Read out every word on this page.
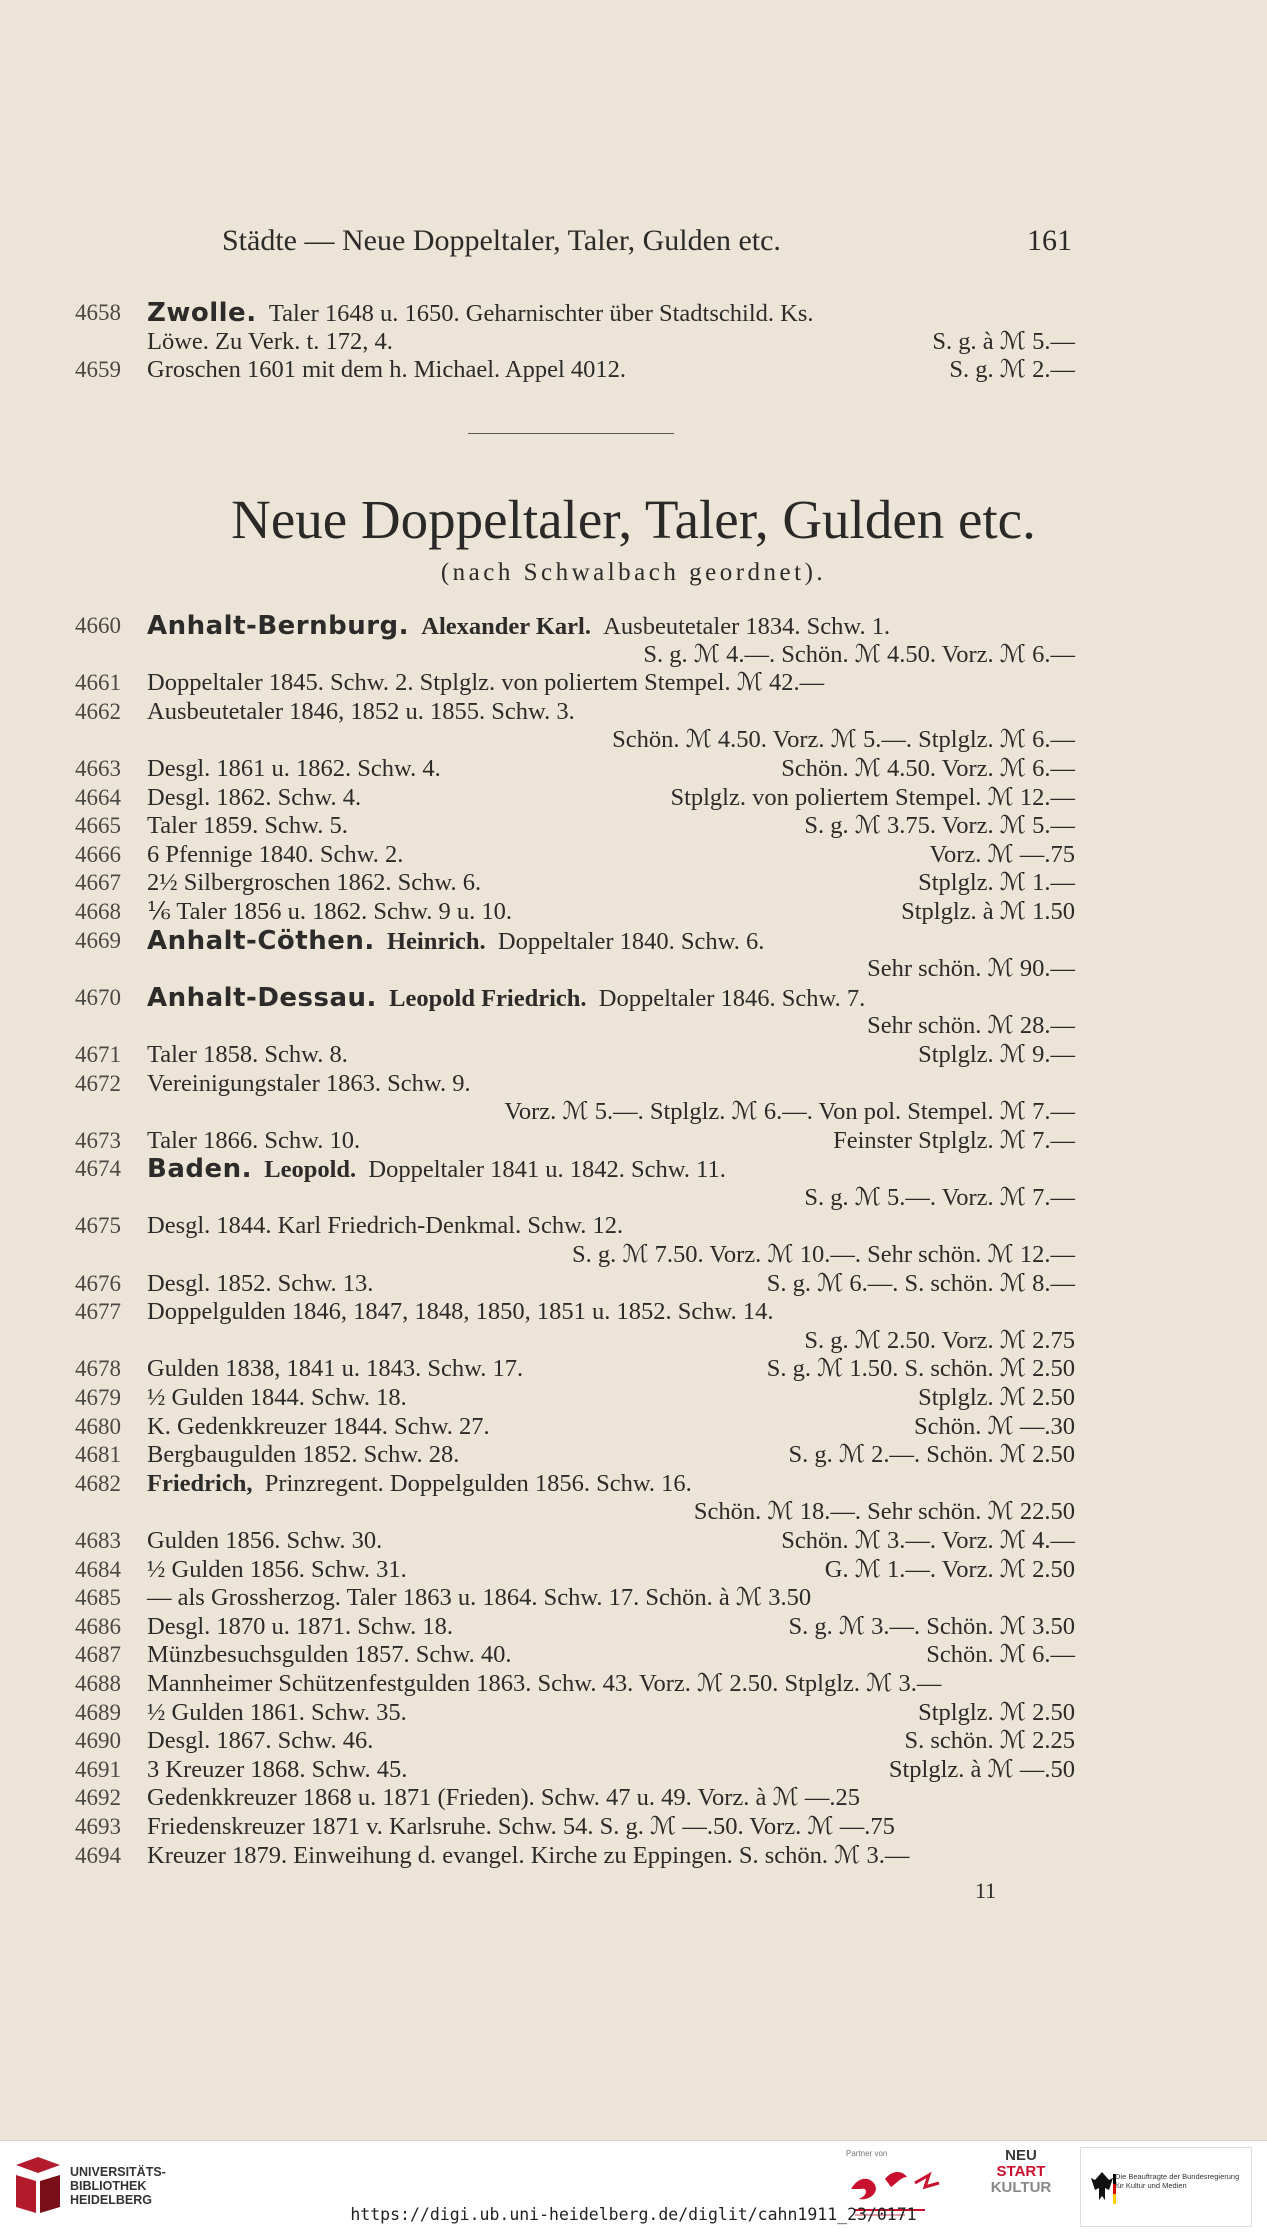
Städte — Neue Doppeltaler, Taler, Gulden etc.	161
4658	Zwolle. Taler 1648 u. 1650. Geharnischter über Stadtschild. Ks.
Löwe. Zu Verk. t. 172, 4.	S. g. à ℳ 5.—
4659	Groschen 1601 mit dem h. Michael. Appel 4012.	S. g. ℳ 2.—
Neue Doppeltaler, Taler, Gulden etc.
(nach Schwalbach geordnet).
4660	Anhalt-Bernburg. Alexander Karl. Ausbeutetaler 1834. Schw. 1.
S. g. ℳ 4.—. Schön. ℳ 4.50. Vorz. ℳ 6.—
4661	Doppeltaler 1845. Schw. 2. Stplglz. von poliertem Stempel. ℳ 42.—
4662	Ausbeutetaler 1846, 1852 u. 1855. Schw. 3.
Schön. ℳ 4.50. Vorz. ℳ 5.—. Stplglz. ℳ 6.—
4663	Desgl. 1861 u. 1862. Schw. 4.	Schön. ℳ 4.50. Vorz. ℳ 6.—
4664	Desgl. 1862. Schw. 4.	Stplglz. von poliertem Stempel. ℳ 12.—
4665	Taler 1859. Schw. 5.	S. g. ℳ 3.75. Vorz. ℳ 5.—
4666	6 Pfennige 1840. Schw. 2.	Vorz. ℳ —.75
4667	2½ Silbergroschen 1862. Schw. 6.	Stplglz. ℳ 1.—
4668	⅙ Taler 1856 u. 1862. Schw. 9 u. 10.	Stplglz. à ℳ 1.50
4669	Anhalt-Cöthen. Heinrich. Doppeltaler 1840. Schw. 6.
Sehr schön. ℳ 90.—
4670	Anhalt-Dessau. Leopold Friedrich. Doppeltaler 1846. Schw. 7.
Sehr schön. ℳ 28.—
4671	Taler 1858. Schw. 8.	Stplglz. ℳ 9.—
4672	Vereinigungstaler 1863. Schw. 9.
Vorz. ℳ 5.—. Stplglz. ℳ 6.—. Von pol. Stempel. ℳ 7.—
4673	Taler 1866. Schw. 10.	Feinster Stplglz. ℳ 7.—
4674	Baden. Leopold. Doppeltaler 1841 u. 1842. Schw. 11.
S. g. ℳ 5.—. Vorz. ℳ 7.—
4675	Desgl. 1844. Karl Friedrich-Denkmal. Schw. 12.
S. g. ℳ 7.50. Vorz. ℳ 10.—. Sehr schön. ℳ 12.—
4676	Desgl. 1852. Schw. 13.	S. g. ℳ 6.—. S. schön. ℳ 8.—
4677	Doppelgulden 1846, 1847, 1848, 1850, 1851 u. 1852. Schw. 14.
S. g. ℳ 2.50. Vorz. ℳ 2.75
4678	Gulden 1838, 1841 u. 1843. Schw. 17.	S. g. ℳ 1.50. S. schön. ℳ 2.50
4679	½ Gulden 1844. Schw. 18.	Stplglz. ℳ 2.50
4680	K. Gedenkkreuzer 1844. Schw. 27.	Schön. ℳ —.30
4681	Bergbaugulden 1852. Schw. 28.	S. g. ℳ 2.—. Schön. ℳ 2.50
4682	Friedrich, Prinzregent. Doppelgulden 1856. Schw. 16.
Schön. ℳ 18.—. Sehr schön. ℳ 22.50
4683	Gulden 1856. Schw. 30.	Schön. ℳ 3.—. Vorz. ℳ 4.—
4684	½ Gulden 1856. Schw. 31.	G. ℳ 1.—. Vorz. ℳ 2.50
4685	— als Grossherzog. Taler 1863 u. 1864. Schw. 17. Schön. à ℳ 3.50
4686	Desgl. 1870 u. 1871. Schw. 18.	S. g. ℳ 3.—. Schön. ℳ 3.50
4687	Münzbesuchsgulden 1857. Schw. 40.	Schön. ℳ 6.—
4688	Mannheimer Schützenfestgulden 1863. Schw. 43. Vorz. ℳ 2.50. Stplglz. ℳ 3.—
4689	½ Gulden 1861. Schw. 35.	Stplglz. ℳ 2.50
4690	Desgl. 1867. Schw. 46.	S. schön. ℳ 2.25
4691	3 Kreuzer 1868. Schw. 45.	Stplglz. à ℳ —.50
4692	Gedenkkreuzer 1868 u. 1871 (Frieden). Schw. 47 u. 49. Vorz. à ℳ —.25
4693	Friedenskreuzer 1871 v. Karlsruhe. Schw. 54. S. g. ℳ —.50. Vorz. ℳ —.75
4694	Kreuzer 1879. Einweihung d. evangel. Kirche zu Eppingen. S. schön. ℳ 3.—
11
UNIVERSITÄTS-
BIBLIOTHEK
HEIDELBERG
Partner von	NEU
START
KULTUR
Die Beauftragte der Bundesregierung für Kultur und Medien
https://digi.ub.uni-heidelberg.de/diglit/cahn1911_23/0171
